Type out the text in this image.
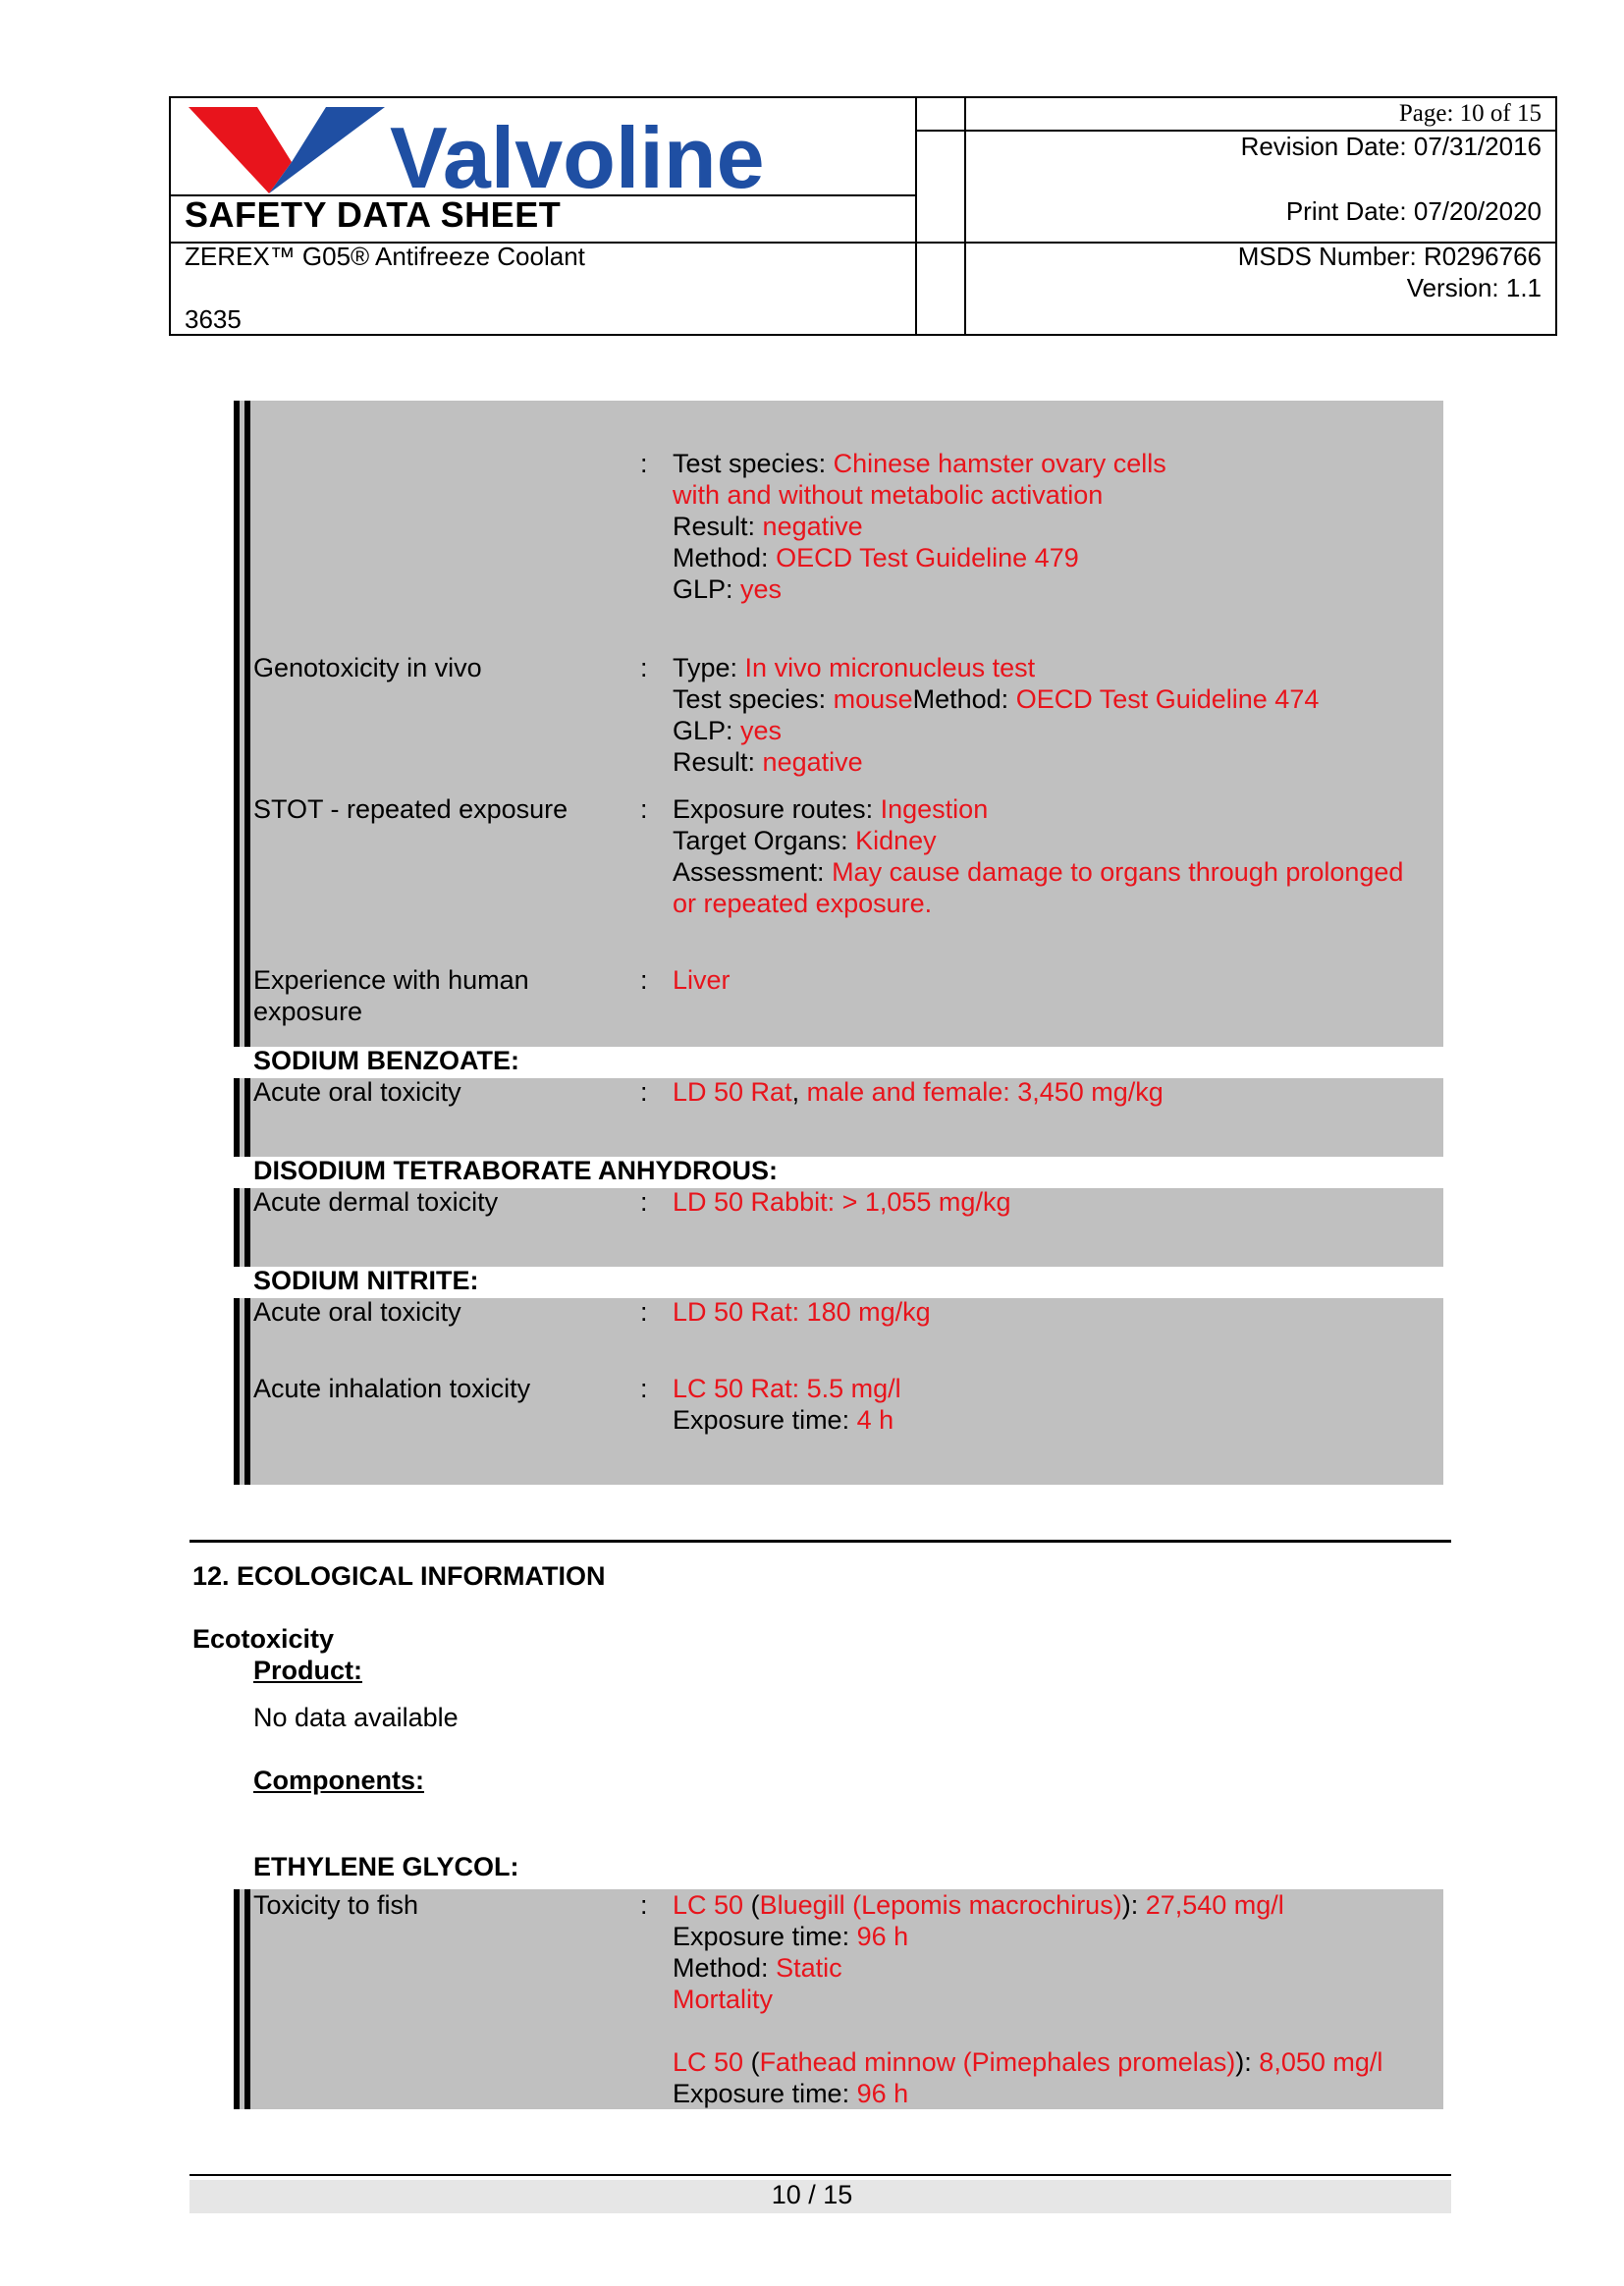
Valvoline
SAFETY DATA SHEET
ZEREX™ G05® Antifreeze Coolant
3635
Page: 10 of 15
Revision Date: 07/31/2016
Print Date: 07/20/2020
MSDS Number: R0296766
Version: 1.1
: Test species: Chinese hamster ovary cells
with and without metabolic activation
Result: negative
Method: OECD Test Guideline 479
GLP: yes
Genotoxicity in vivo	: Type: In vivo micronucleus test
Test species: mouseMethod: OECD Test Guideline 474
GLP: yes
Result: negative
STOT - repeated exposure	: Exposure routes: Ingestion
Target Organs: Kidney
Assessment: May cause damage to organs through prolonged
or repeated exposure.
Experience with human
exposure
: Liver
SODIUM BENZOATE:
Acute oral toxicity	: LD 50 Rat, male and female: 3,450 mg/kg
DISODIUM TETRABORATE ANHYDROUS:
Acute dermal toxicity	: LD 50 Rabbit: > 1,055 mg/kg
SODIUM NITRITE:
Acute oral toxicity	: LD 50 Rat: 180 mg/kg
Acute inhalation toxicity	: LC 50 Rat: 5.5 mg/l
Exposure time: 4 h
12. ECOLOGICAL INFORMATION
Ecotoxicity
Product:
No data available
Components:
ETHYLENE GLYCOL:
Toxicity to fish	: LC 50 (Bluegill (Lepomis macrochirus)): 27,540 mg/l
Exposure time: 96 h
Method: Static
Mortality
LC 50 (Fathead minnow (Pimephales promelas)): 8,050 mg/l
Exposure time: 96 h
10 / 15
